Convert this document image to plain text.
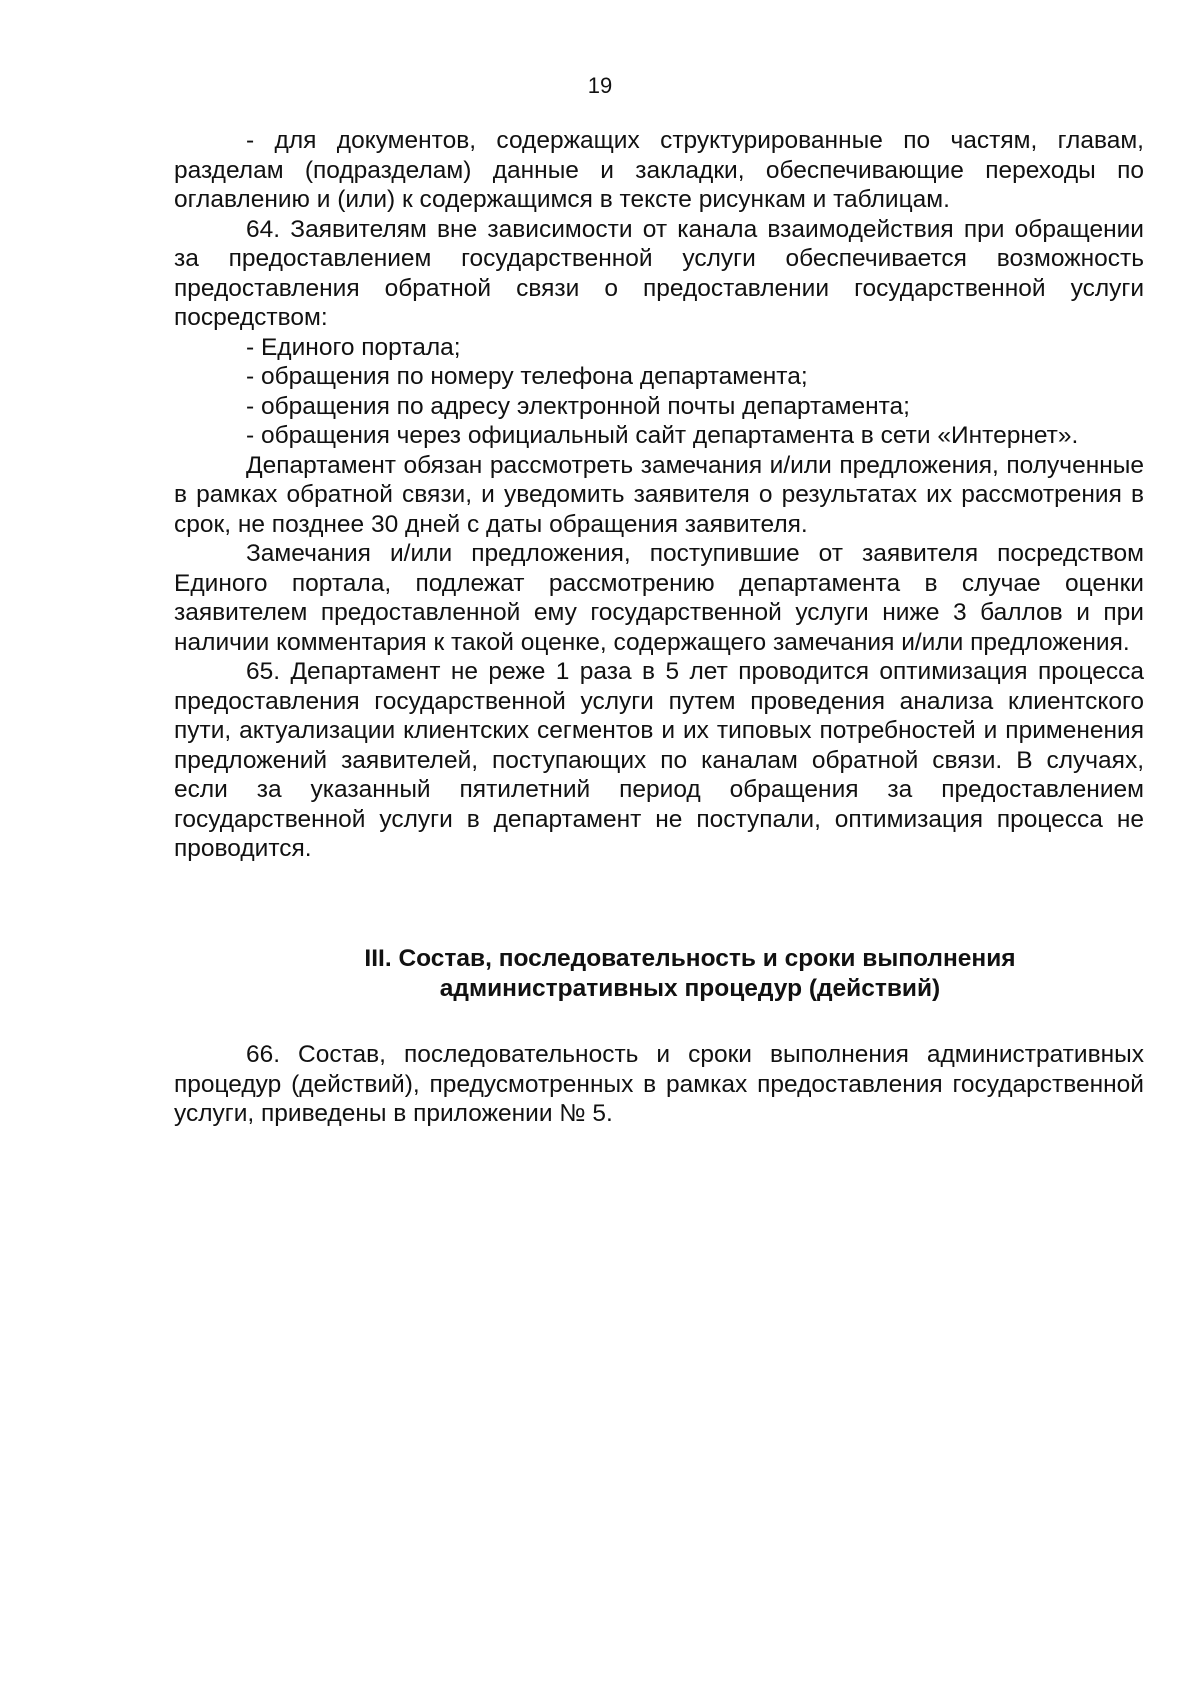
19

- для документов, содержащих структурированные по частям, главам, разделам (подразделам) данные и закладки, обеспечивающие переходы по оглавлению и (или) к содержащимся в тексте рисункам и таблицам.

64. Заявителям вне зависимости от канала взаимодействия при обращении за предоставлением государственной услуги обеспечивается возможность предоставления обратной связи о предоставлении государственной услуги посредством:

- Единого портала;

- обращения по номеру телефона департамента;

- обращения по адресу электронной почты департамента;

- обращения через официальный сайт департамента в сети «Интернет».

Департамент обязан рассмотреть замечания и/или предложения, полученные в рамках обратной связи, и уведомить заявителя о результатах их рассмотрения в срок, не позднее 30 дней с даты обращения заявителя.

Замечания и/или предложения, поступившие от заявителя посредством Единого портала, подлежат рассмотрению департамента в случае оценки заявителем предоставленной ему государственной услуги ниже 3 баллов и при наличии комментария к такой оценке, содержащего замечания и/или предложения.

65. Департамент не реже 1 раза в 5 лет проводится оптимизация процесса предоставления государственной услуги путем проведения анализа клиентского пути, актуализации клиентских сегментов и их типовых потребностей и применения предложений заявителей, поступающих по каналам обратной связи. В случаях, если за указанный пятилетний период обращения за предоставлением государственной услуги в департамент не поступали, оптимизация процесса не проводится.

III. Состав, последовательность и сроки выполнения
административных процедур (действий)

66. Состав, последовательность и сроки выполнения административных процедур (действий), предусмотренных в рамках предоставления государственной услуги, приведены в приложении № 5.
